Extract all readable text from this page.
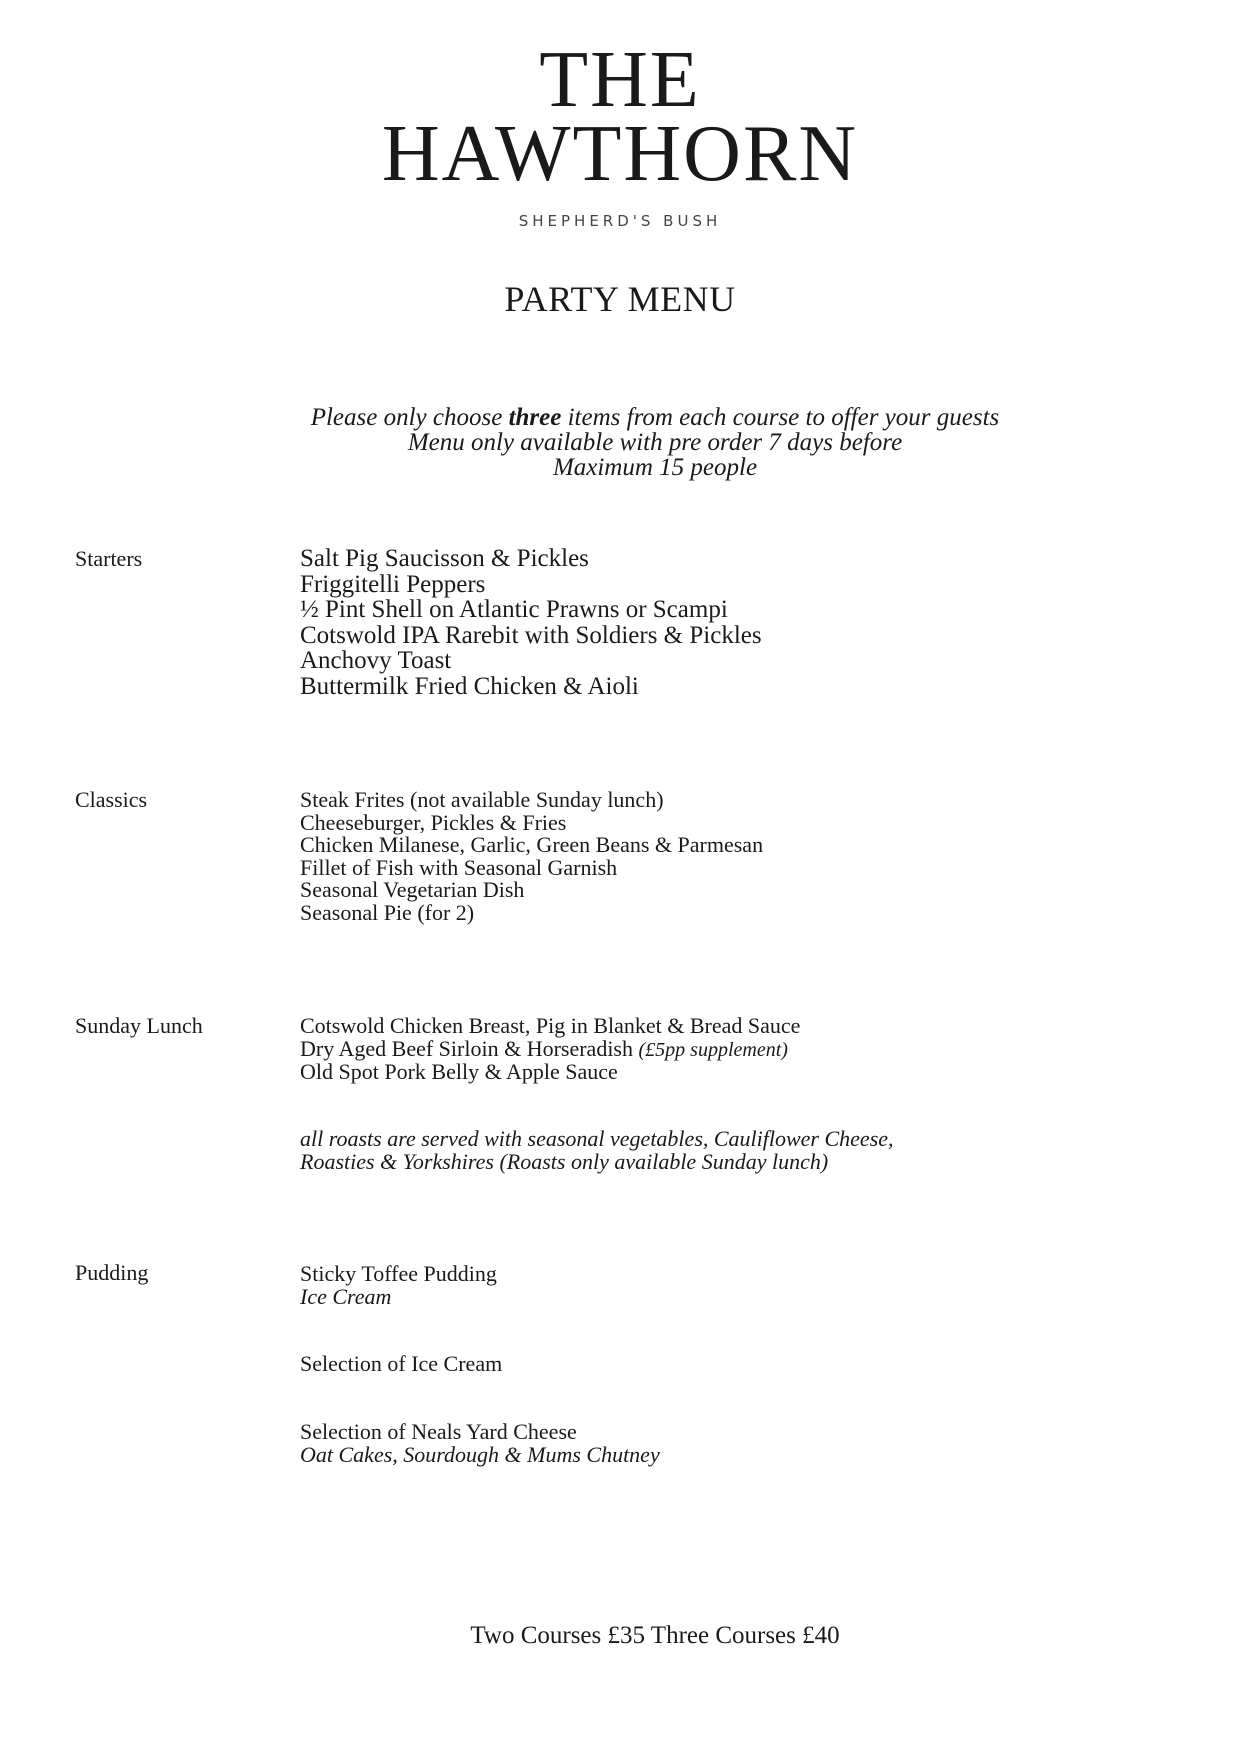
THE
HAWTHORN
SHEPHERD'S BUSH
PARTY MENU
Please only choose three items from each course to offer your guests
Menu only available with pre order 7 days before
Maximum 15 people
Starters	Salt Pig Saucisson & Pickles
Friggitelli Peppers
½ Pint Shell on Atlantic Prawns or Scampi
Cotswold IPA Rarebit with Soldiers & Pickles
Anchovy Toast
Buttermilk Fried Chicken & Aioli
Classics	Steak Frites (not available Sunday lunch)
Cheeseburger, Pickles & Fries
Chicken Milanese, Garlic, Green Beans & Parmesan
Fillet of Fish with Seasonal Garnish
Seasonal Vegetarian Dish
Seasonal Pie (for 2)
Sunday Lunch	Cotswold Chicken Breast, Pig in Blanket & Bread Sauce
Dry Aged Beef Sirloin & Horseradish (£5pp supplement)
Old Spot Pork Belly & Apple Sauce
all roasts are served with seasonal vegetables, Cauliflower Cheese,
Roasties & Yorkshires (Roasts only available Sunday lunch)
Pudding	Sticky Toffee Pudding
Ice Cream
Selection of Ice Cream
Selection of Neals Yard Cheese
Oat Cakes, Sourdough & Mums Chutney
Two Courses £35 Three Courses £40
